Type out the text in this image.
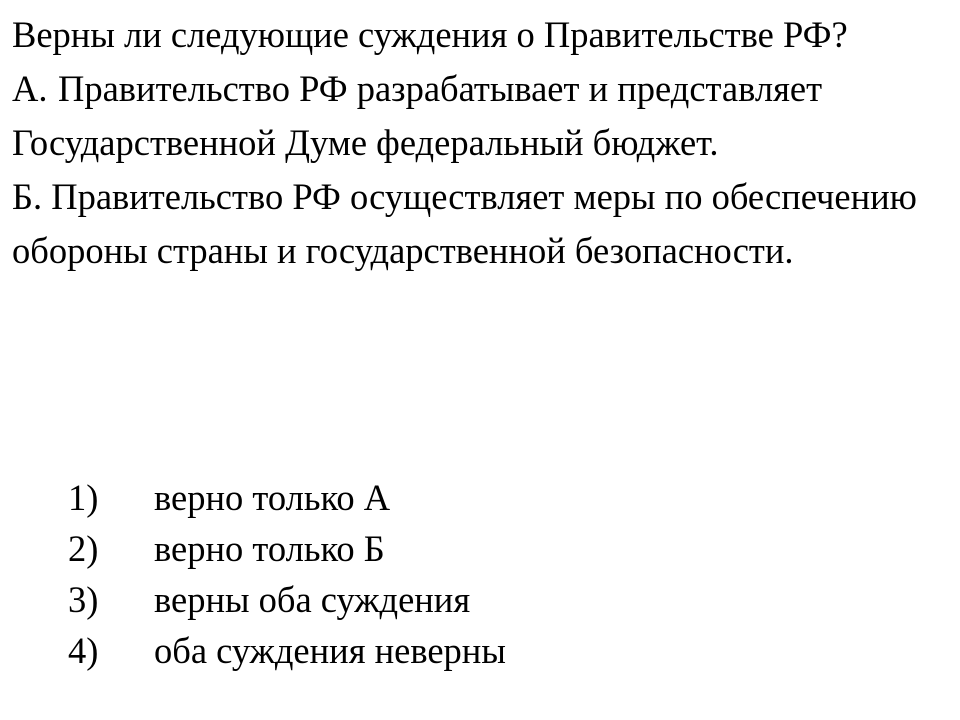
Верны ли следующие суждения о Правительстве РФ?

А. Правительство РФ разрабатывает и представляет Государственной Думе федеральный бюджет.

Б. Правительство РФ осуществляет меры по обеспечению обороны страны и государственной безопасности.

1)	верно только А
2)	верно только Б
3)	верны оба суждения
4)	оба суждения неверны
